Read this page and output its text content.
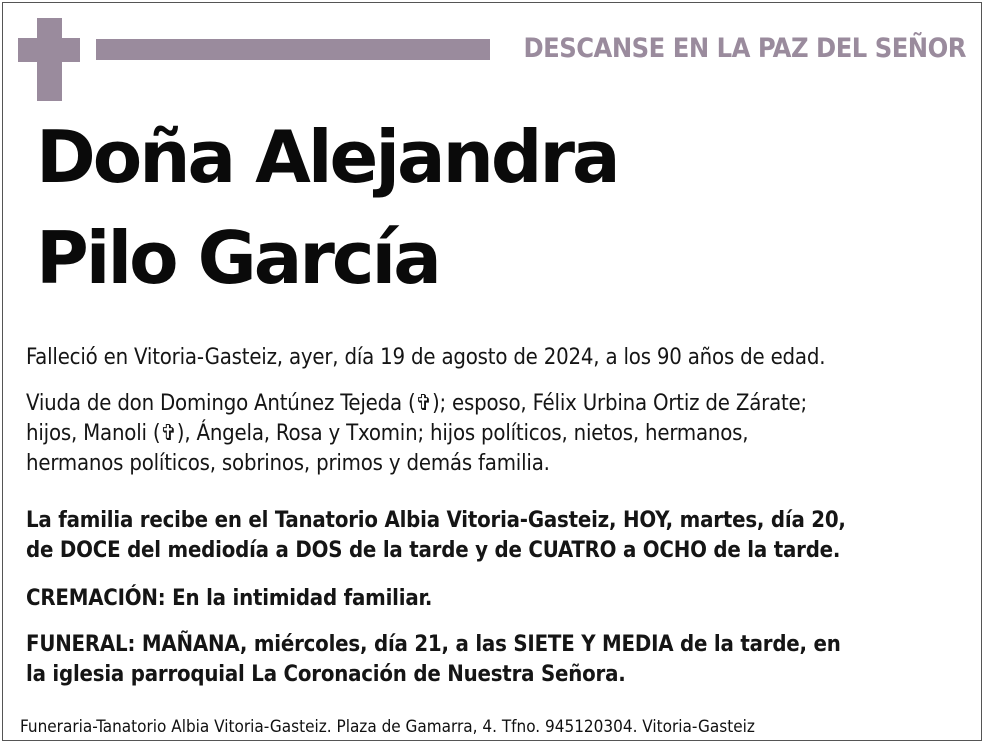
DESCANSE EN LA PAZ DEL SEÑOR
Doña Alejandra
Pilo García
Falleció en Vitoria-Gasteiz, ayer, día 19 de agosto de 2024, a los 90 años de edad.
Viuda de don Domingo Antúnez Tejeda (✞); esposo, Félix Urbina Ortiz de Zárate;
hijos, Manoli (✞), Ángela, Rosa y Txomin; hijos políticos, nietos, hermanos,
hermanos políticos, sobrinos, primos y demás familia.
La familia recibe en el Tanatorio Albia Vitoria-Gasteiz, HOY, martes, día 20,
de DOCE del mediodía a DOS de la tarde y de CUATRO a OCHO de la tarde.
CREMACIÓN: En la intimidad familiar.
FUNERAL: MAÑANA, miércoles, día 21, a las SIETE Y MEDIA de la tarde, en
la iglesia parroquial La Coronación de Nuestra Señora.
Funeraria-Tanatorio Albia Vitoria-Gasteiz. Plaza de Gamarra, 4. Tfno. 945120304. Vitoria-Gasteiz
